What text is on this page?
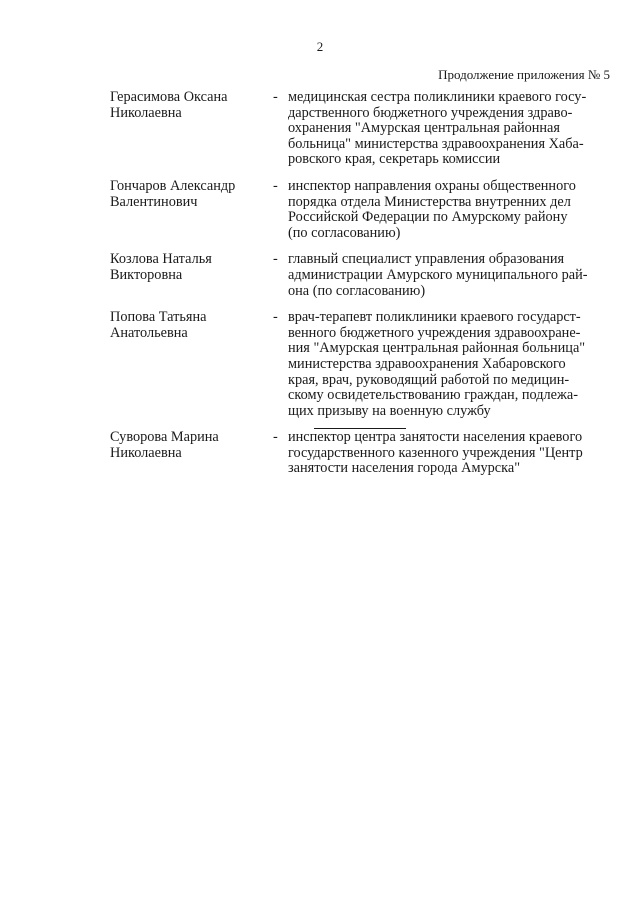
2
Продолжение приложения № 5
Герасимова Оксана
Николаевна
- медицинская сестра поликлиники краевого госу-
дарственного бюджетного учреждения здраво-
охранения "Амурская центральная районная
больница" министерства здравоохранения Хаба-
ровского края, секретарь комиссии
Гончаров Александр
Валентинович
- инспектор направления охраны общественного
порядка отдела Министерства внутренних дел
Российской Федерации по Амурскому району
(по согласованию)
Козлова Наталья
Викторовна
- главный специалист управления образования
администрации Амурского муниципального рай-
она (по согласованию)
Попова Татьяна
Анатольевна
- врач-терапевт поликлиники краевого государст-
венного бюджетного учреждения здравоохране-
ния "Амурская центральная районная больница"
министерства здравоохранения Хабаровского
края, врач, руководящий работой по медицин-
скому освидетельствованию граждан, подлежа-
щих призыву на военную службу
Суворова Марина
Николаевна
- инспектор центра занятости населения краевого
государственного казенного учреждения "Центр
занятости населения города Амурска"
